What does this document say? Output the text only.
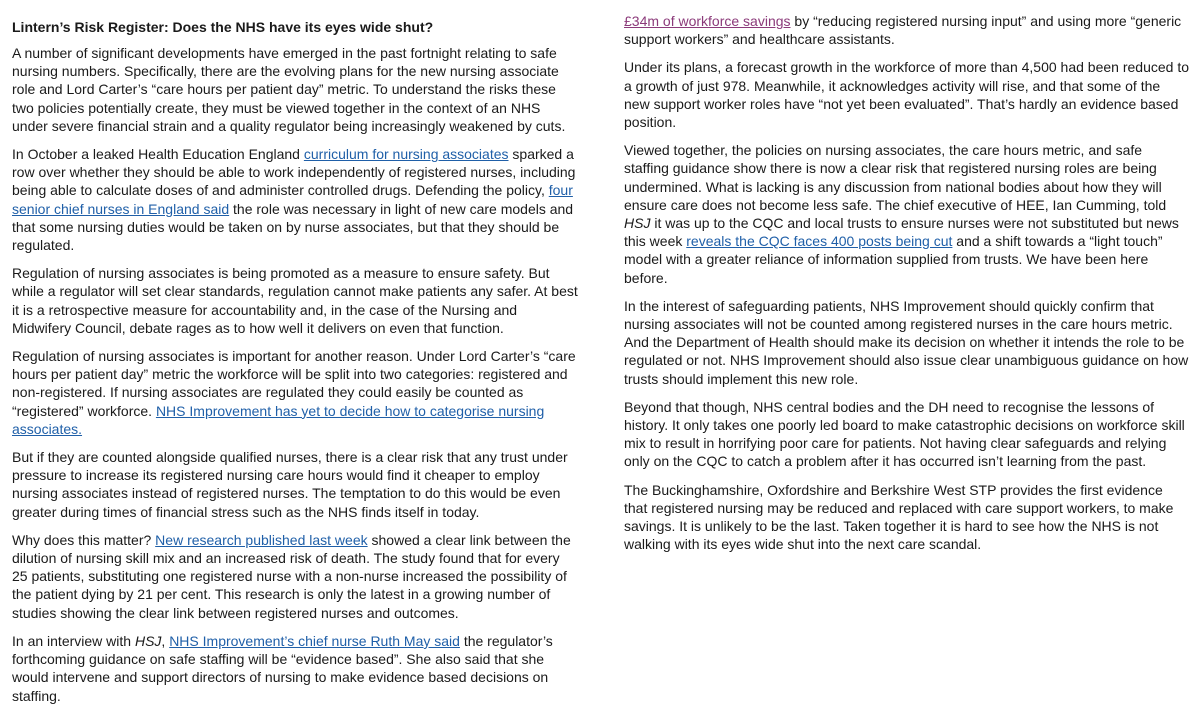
Lintern’s Risk Register: Does the NHS have its eyes wide shut?

A number of significant developments have emerged in the past fortnight relating to safe nursing numbers. Specifically, there are the evolving plans for the new nursing associate role and Lord Carter’s “care hours per patient day” metric. To understand the risks these two policies potentially create, they must be viewed together in the context of an NHS under severe financial strain and a quality regulator being increasingly weakened by cuts.

In October a leaked Health Education England curriculum for nursing associates sparked a row over whether they should be able to work independently of registered nurses, including being able to calculate doses of and administer controlled drugs. Defending the policy, four senior chief nurses in England said the role was necessary in light of new care models and that some nursing duties would be taken on by nurse associates, but that they should be regulated.

Regulation of nursing associates is being promoted as a measure to ensure safety. But while a regulator will set clear standards, regulation cannot make patients any safer. At best it is a retrospective measure for accountability and, in the case of the Nursing and Midwifery Council, debate rages as to how well it delivers on even that function.

Regulation of nursing associates is important for another reason. Under Lord Carter’s “care hours per patient day” metric the workforce will be split into two categories: registered and non-registered. If nursing associates are regulated they could easily be counted as “registered” workforce. NHS Improvement has yet to decide how to categorise nursing associates.

But if they are counted alongside qualified nurses, there is a clear risk that any trust under pressure to increase its registered nursing care hours would find it cheaper to employ nursing associates instead of registered nurses. The temptation to do this would be even greater during times of financial stress such as the NHS finds itself in today.

Why does this matter? New research published last week showed a clear link between the dilution of nursing skill mix and an increased risk of death. The study found that for every 25 patients, substituting one registered nurse with a non-nurse increased the possibility of the patient dying by 21 per cent. This research is only the latest in a growing number of studies showing the clear link between registered nurses and outcomes.

In an interview with HSJ, NHS Improvement’s chief nurse Ruth May said the regulator’s forthcoming guidance on safe staffing will be “evidence based”. She also said that she would intervene and support directors of nursing to make evidence based decisions on staffing.

£34m of workforce savings by “reducing registered nursing input” and using more “generic support workers” and healthcare assistants.

Under its plans, a forecast growth in the workforce of more than 4,500 had been reduced to a growth of just 978. Meanwhile, it acknowledges activity will rise, and that some of the new support worker roles have “not yet been evaluated”. That’s hardly an evidence based position.

Viewed together, the policies on nursing associates, the care hours metric, and safe staffing guidance show there is now a clear risk that registered nursing roles are being undermined. What is lacking is any discussion from national bodies about how they will ensure care does not become less safe. The chief executive of HEE, Ian Cumming, told HSJ it was up to the CQC and local trusts to ensure nurses were not substituted but news this week reveals the CQC faces 400 posts being cut and a shift towards a “light touch” model with a greater reliance of information supplied from trusts. We have been here before.

In the interest of safeguarding patients, NHS Improvement should quickly confirm that nursing associates will not be counted among registered nurses in the care hours metric. And the Department of Health should make its decision on whether it intends the role to be regulated or not. NHS Improvement should also issue clear unambiguous guidance on how trusts should implement this new role.

Beyond that though, NHS central bodies and the DH need to recognise the lessons of history. It only takes one poorly led board to make catastrophic decisions on workforce skill mix to result in horrifying poor care for patients. Not having clear safeguards and relying only on the CQC to catch a problem after it has occurred isn’t learning from the past.

The Buckinghamshire, Oxfordshire and Berkshire West STP provides the first evidence that registered nursing may be reduced and replaced with care support workers, to make savings. It is unlikely to be the last. Taken together it is hard to see how the NHS is not walking with its eyes wide shut into the next care scandal.
